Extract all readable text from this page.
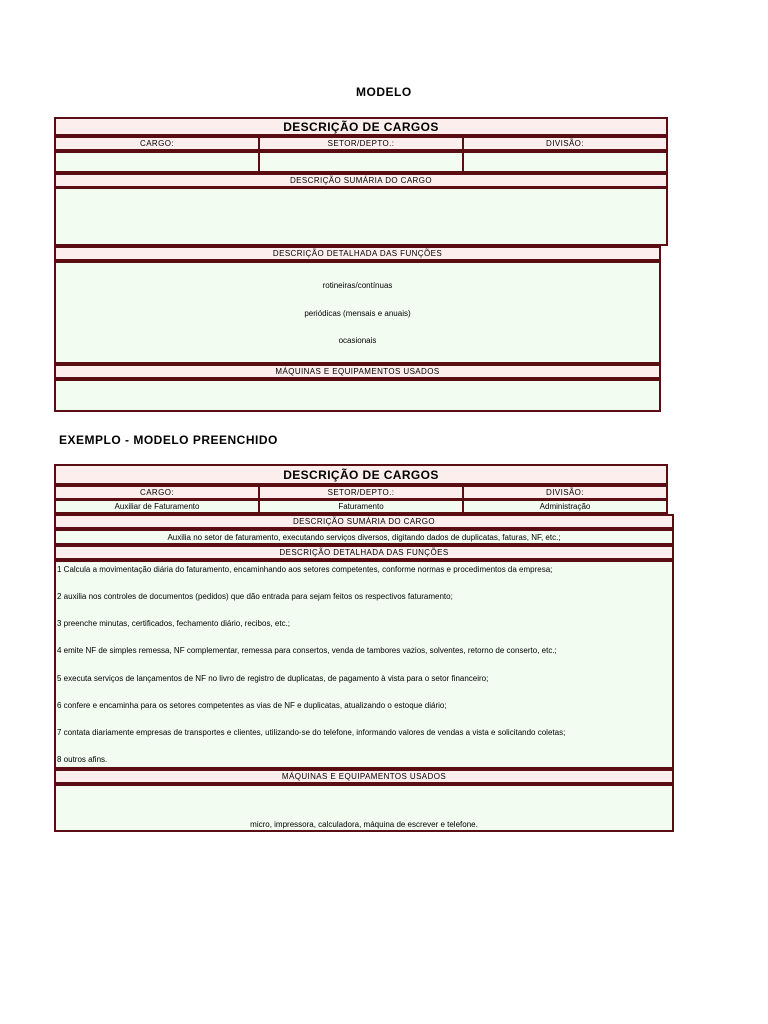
MODELO
DESCRIÇÃO DE CARGOS
CARGO:	SETOR/DEPTO.:	DIVISÃO:
DESCRIÇÃO SUMÁRIA DO CARGO
DESCRIÇÃO DETALHADA DAS FUNÇÕES
rotineiras/contínuas
periódicas (mensais e anuais)
ocasionais
MÁQUINAS E EQUIPAMENTOS USADOS
EXEMPLO - MODELO PREENCHIDO
DESCRIÇÃO DE CARGOS
CARGO:	SETOR/DEPTO.:	DIVISÃO:
Auxiliar de Faturamento	Faturamento	Administração
DESCRIÇÃO SUMÁRIA DO CARGO
Auxilia no setor de faturamento, executando serviços diversos, digitando dados de duplicatas, faturas, NF, etc.;
DESCRIÇÃO DETALHADA DAS FUNÇÕES
1 Calcula a movimentação diária do faturamento, encaminhando aos setores competentes, conforme normas e procedimentos da empresa;
2 auxilia nos controles de documentos (pedidos) que dão entrada para sejam feitos os respectivos faturamento;
3 preenche minutas, certificados, fechamento diário, recibos, etc.;
4 emite NF de simples remessa, NF complementar, remessa para consertos, venda de tambores vazios, solventes, retorno de conserto, etc.;
5 executa serviços de lançamentos de NF no livro de registro de duplicatas, de pagamento à vista para o setor financeiro;
6 confere e encaminha para os setores competentes as vias de NF e duplicatas, atualizando o estoque diário;
7 contata diariamente empresas de transportes e clientes, utilizando-se do telefone, informando valores de vendas a vista e solicitando coletas;
8 outros afins.
MÁQUINAS E EQUIPAMENTOS USADOS
micro, impressora, calculadora, máquina de escrever e telefone.
